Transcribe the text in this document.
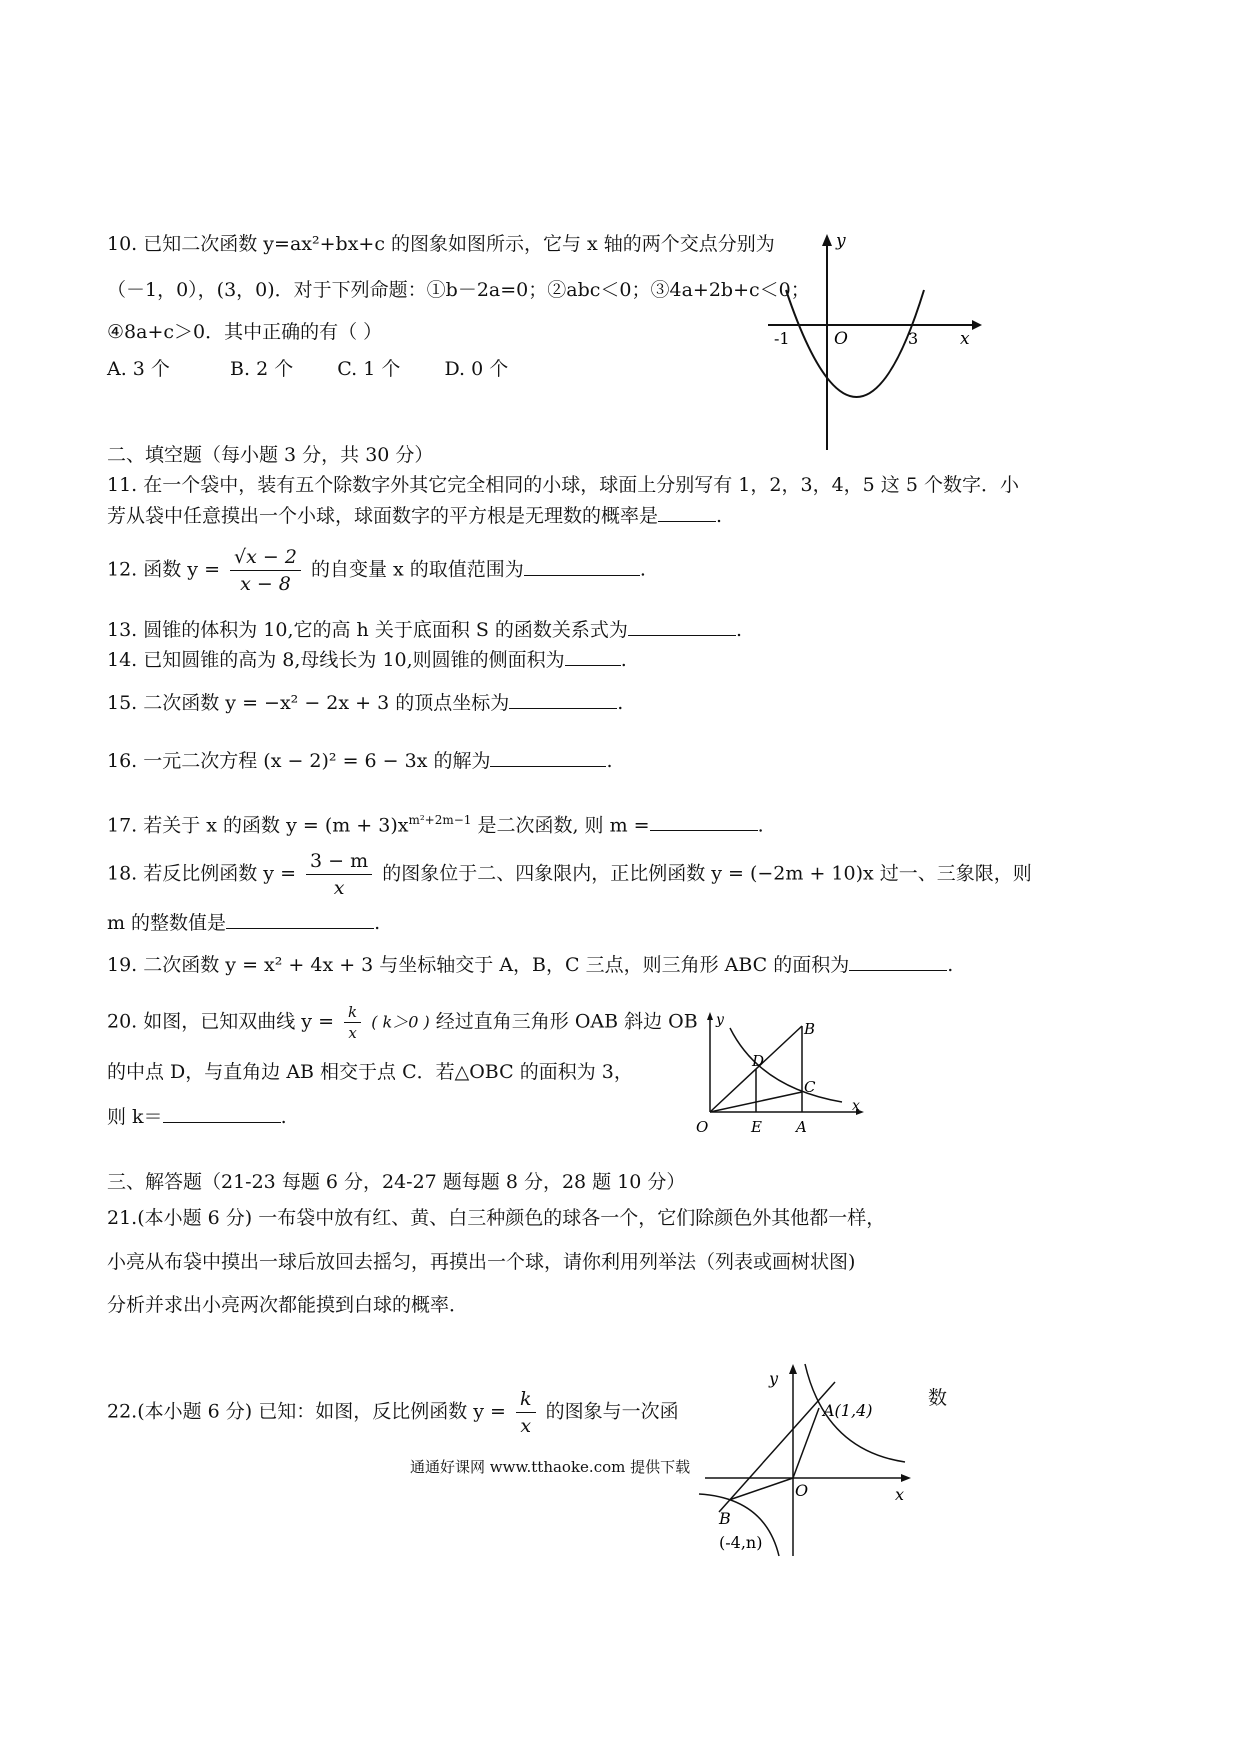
10. 已知二次函数 y=ax²+bx+c 的图象如图所示，它与 x 轴的两个交点分别为
（－1，0），(3，0)．对于下列命题：①b－2a=0；②abc＜0；③4a+2b+c＜0；
④8a+c＞0．其中正确的有（ ）
A. 3 个	B. 2 个 C. 1 个 D. 0 个
y
x
O
-1	3
二、填空题（每小题 3 分，共 30 分）
11. 在一个袋中，装有五个除数字外其它完全相同的小球，球面上分别写有 1，2，3，4，5 这 5 个数字．小
芳从袋中任意摸出一个小球，球面数字的平方根是无理数的概率是	.
12. 函数 $y = \frac{√x - 2}{x - 8}$ 的自变量 x 的取值范围为	.
13. 圆锥的体积为 10,它的高 h 关于底面积 S 的函数关系式为	.
14. 已知圆锥的高为 8,母线长为 10,则圆锥的侧面积为	.
15. 二次函数 y = −x² − 2x + 3 的顶点坐标为	.
16. 一元二次方程 (x − 2)² = 6 − 3x 的解为	.
17. 若关于 x 的函数 $y = (m + 3)x^{m^2+2m-1}$ 是二次函数, 则 m =	.
18. 若反比例函数 $y = \frac{3 - m}{x}$ 的图象位于二、四象限内，正比例函数 y = (−2m + 10)x 过一、三象限，则
m 的整数值是	.
19. 二次函数 y = x² + 4x + 3 与坐标轴交于 A，B，C 三点，则三角形 ABC 的面积为	.
20. 如图，已知双曲线 $y = \frac{k}{x}$ ( k＞0 ) 经过直角三角形 OAB 斜边 OB
的中点 D，与直角边 AB 相交于点 C．若△OBC 的面积为 3，
则 k＝	.
y
x
O	E A
B
C
D
三、解答题（21-23 每题 6 分，24-27 题每题 8 分，28 题 10 分）
21.(本小题 6 分) 一布袋中放有红、黄、白三种颜色的球各一个，它们除颜色外其他都一样，
小亮从布袋中摸出一球后放回去摇匀，再摸出一个球，请你利用列举法（列表或画树状图)
分析并求出小亮两次都能摸到白球的概率．
22.(本小题 6 分) 已知：如图，反比例函数 $y = \frac{k}{x}$ 的图象与一次函
数
通通好课网 www.tthaoke.com 提供下载
y
x
O
A(1,4)
B
(-4,n)
